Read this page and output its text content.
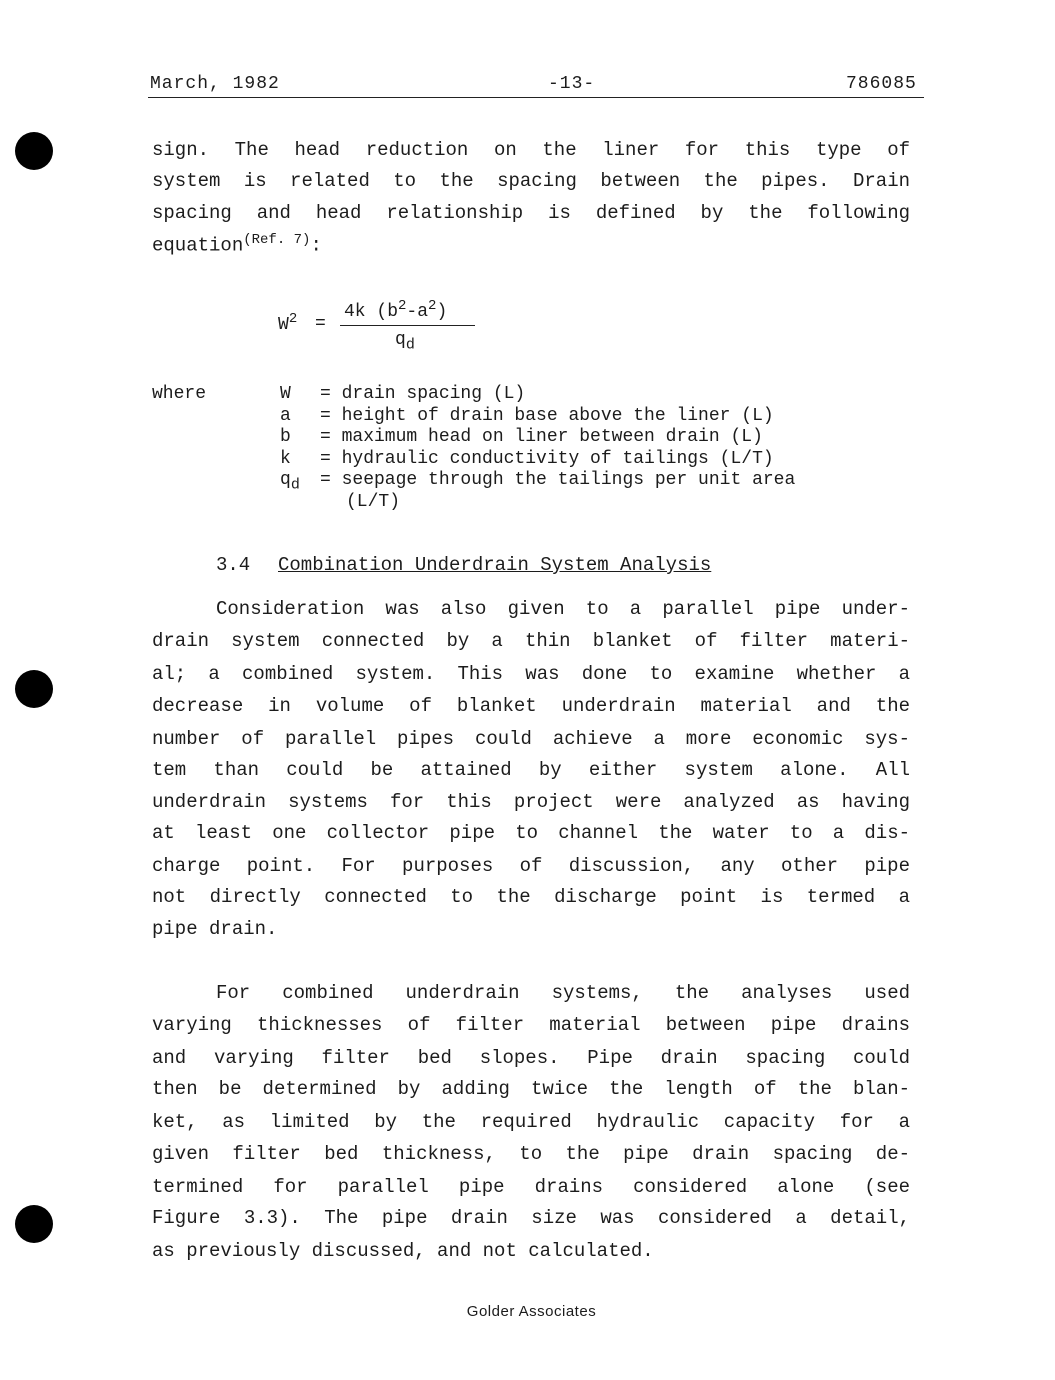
March, 1982	-13-	786085
sign. The head reduction on the liner for this type of
system is related to the spacing between the pipes. Drain
spacing and head relationship is defined by the following
equation$^{(Ref. 7)}$:
$W^2$ =
4k $(b^2-a^2)$
$q_d$
where	W = drain spacing (L)
a = height of drain base above the liner (L)
b = maximum head on liner between drain (L)
k = hydraulic conductivity of tailings (L/T)
$q_d$ = seepage through the tailings per unit area
(L/T)
3.4 Combination Underdrain System Analysis
Consideration was also given to a parallel pipe under-
drain system connected by a thin blanket of filter materi-
al; a combined system. This was done to examine whether a
decrease in volume of blanket underdrain material and the
number of parallel pipes could achieve a more economic sys-
tem than could be attained by either system alone. All
underdrain systems for this project were analyzed as having
at least one collector pipe to channel the water to a dis-
charge point. For purposes of discussion, any other pipe
not directly connected to the discharge point is termed a
pipe drain.
For combined underdrain systems, the analyses used
varying thicknesses of filter material between pipe drains
and varying filter bed slopes. Pipe drain spacing could
then be determined by adding twice the length of the blan-
ket, as limited by the required hydraulic capacity for a
given filter bed thickness, to the pipe drain spacing de-
termined for parallel pipe drains considered alone (see
Figure 3.3). The pipe drain size was considered a detail,
as previously discussed, and not calculated.
Golder Associates
